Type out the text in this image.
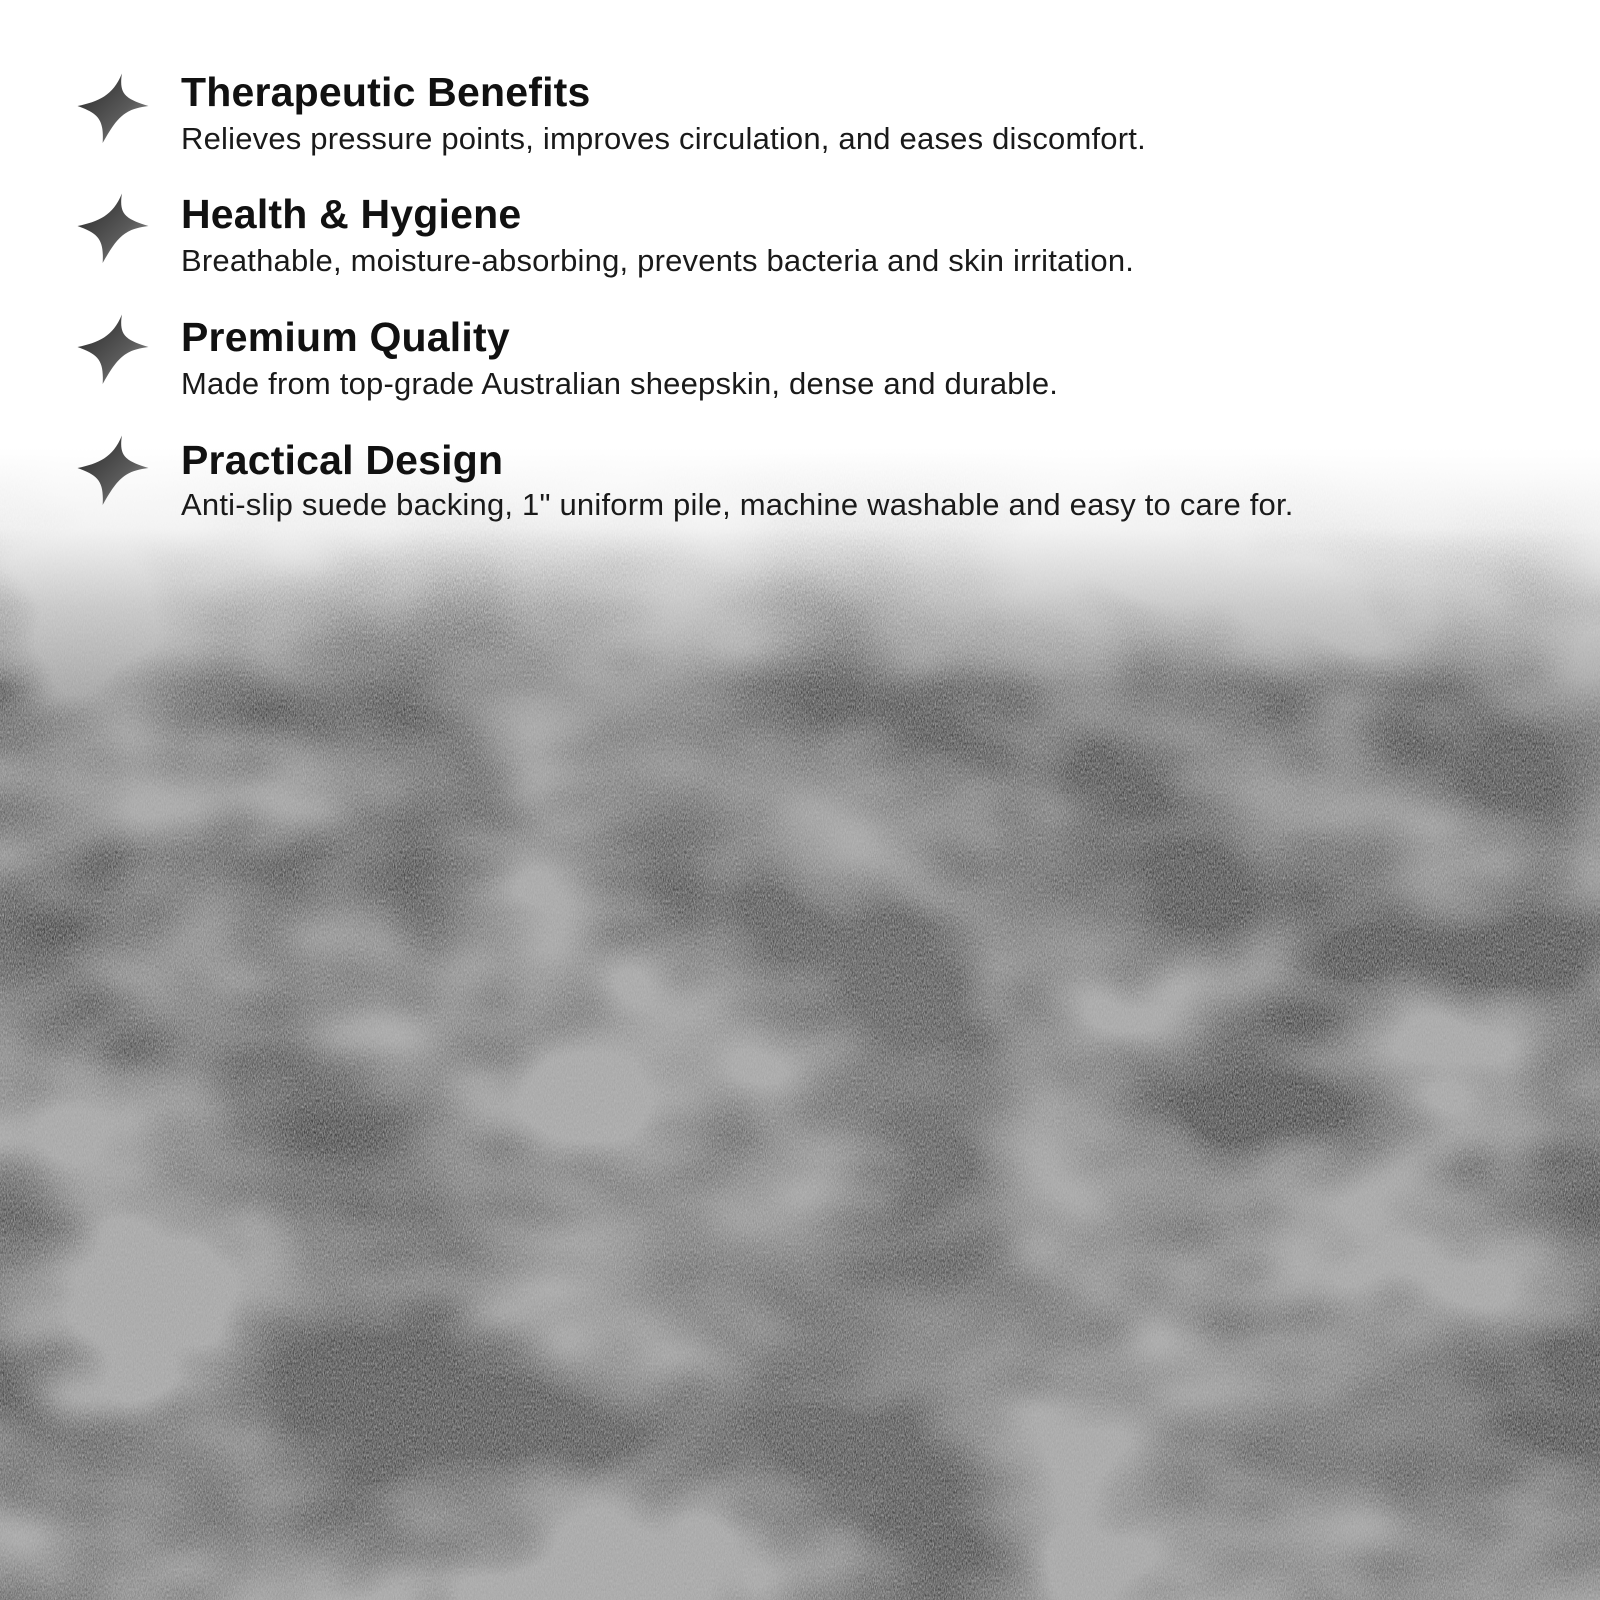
Therapeutic Benefits
Relieves pressure points, improves circulation, and eases discomfort.
Health & Hygiene
Breathable, moisture-absorbing, prevents bacteria and skin irritation.
Premium Quality
Made from top-grade Australian sheepskin, dense and durable.
Practical Design
Anti-slip suede backing, 1" uniform pile, machine washable and easy to care for.
